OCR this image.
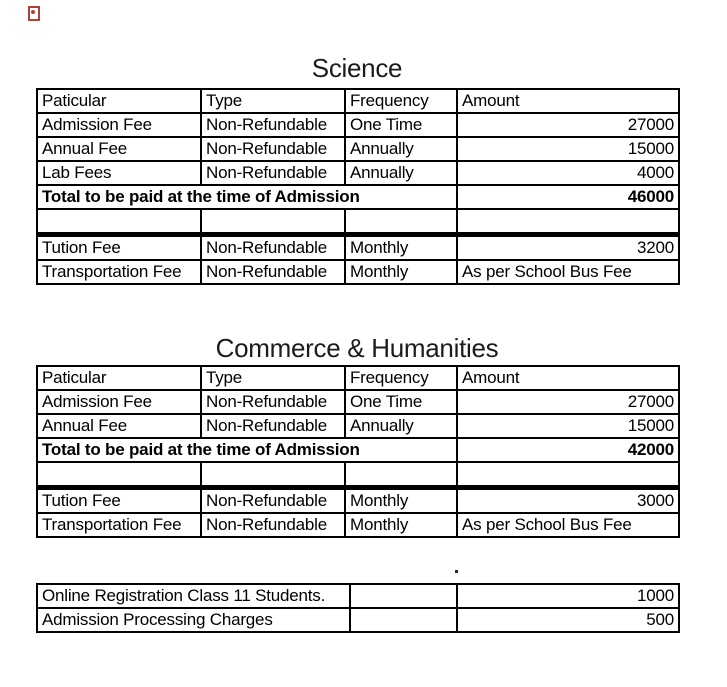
Science
Paticular	Type	Frequency	Amount
Admission Fee	Non-Refundable	One Time	27000
Annual Fee	Non-Refundable	Annually	15000
Lab Fees	Non-Refundable	Annually	4000
Total to be paid at the time of Admission			46000

Tution Fee	Non-Refundable	Monthly	3200
Transportation Fee	Non-Refundable	Monthly	As per School Bus Fee
Commerce & Humanities
Paticular	Type	Frequency	Amount
Admission Fee	Non-Refundable	One Time	27000
Annual Fee	Non-Refundable	Annually	15000
Total to be paid at the time of Admission			42000

Tution Fee	Non-Refundable	Monthly	3000
Transportation Fee	Non-Refundable	Monthly	As per School Bus Fee
Online Registration Class 11 Students.		1000
Admission Processing Charges		500
